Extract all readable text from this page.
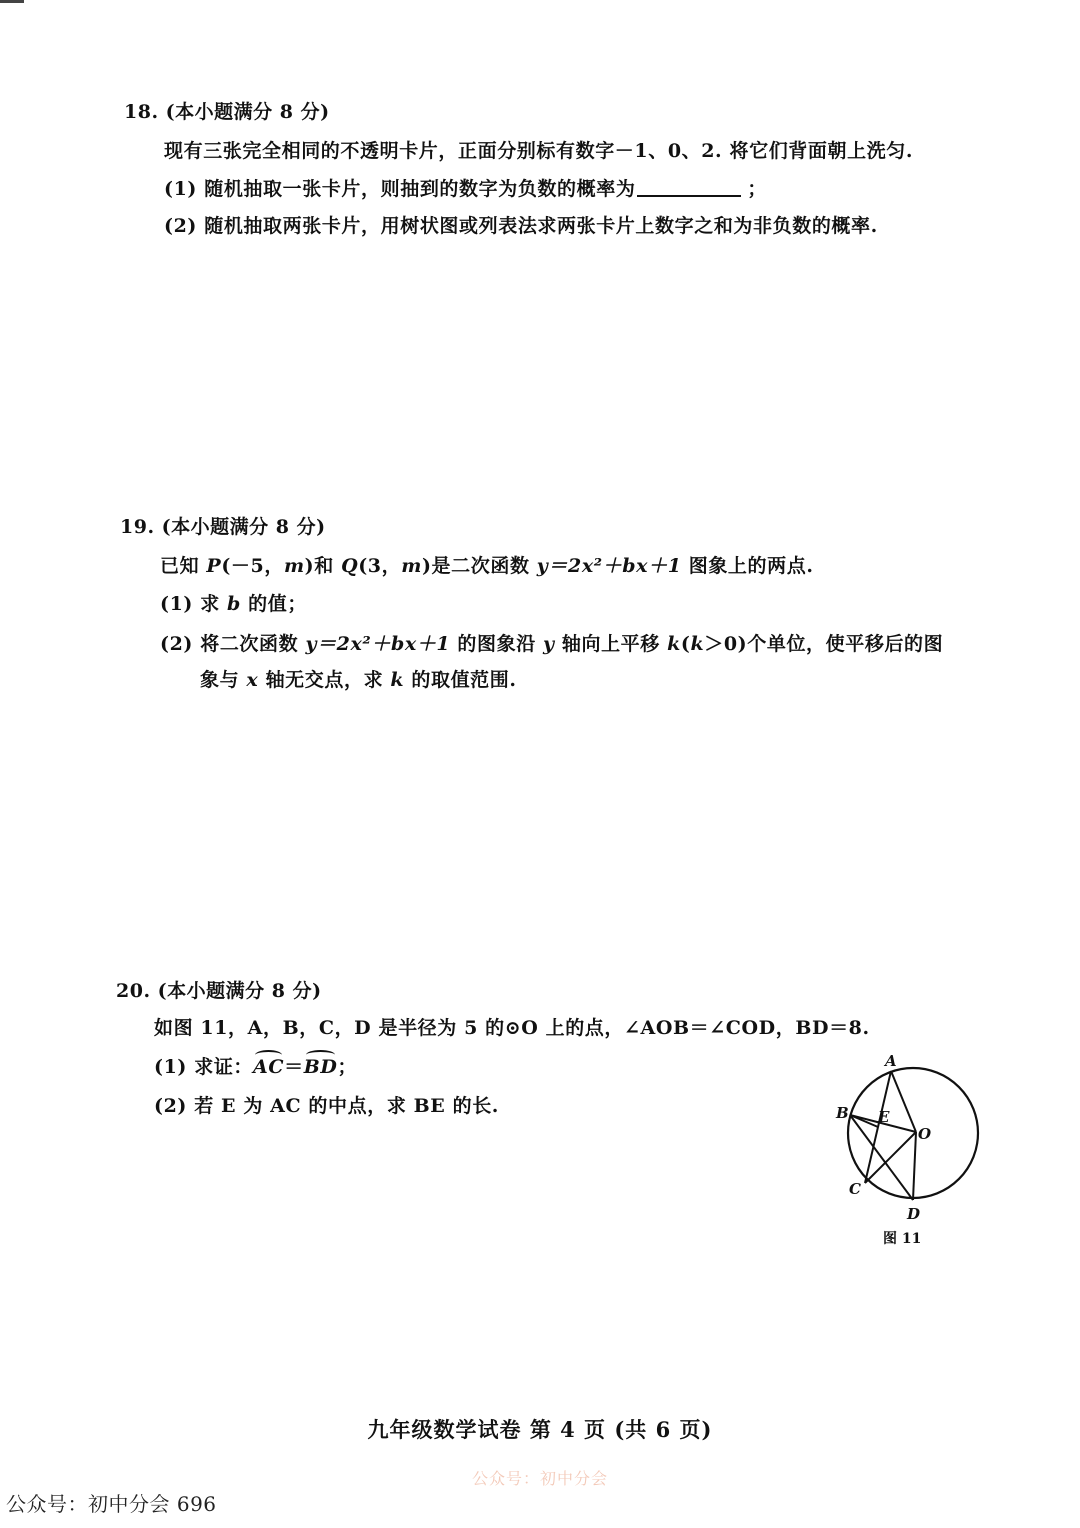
18. (本小题满分 8 分)
现有三张完全相同的不透明卡片，正面分别标有数字－1、0、2. 将它们背面朝上洗匀.
(1) 随机抽取一张卡片，则抽到的数字为负数的概率为	；
(2) 随机抽取两张卡片，用树状图或列表法求两张卡片上数字之和为非负数的概率.
19. (本小题满分 8 分)
已知 P(－5，m)和 Q(3，m)是二次函数 y＝2x²＋bx＋1 图象上的两点.
(1) 求 b 的值；
(2) 将二次函数 y＝2x²＋bx＋1 的图象沿 y 轴向上平移 k(k＞0)个单位，使平移后的图
象与 x 轴无交点，求 k 的取值范围.
20. (本小题满分 8 分)
如图 11，A，B，C，D 是半径为 5 的⊙O 上的点，∠AOB＝∠COD，BD＝8.
(1) 求证：AC＝BD；
(2) 若 E 为 AC 的中点，求 BE 的长.
A
B E
O
C
D
图 11
九年级数学试卷 第 4 页 (共 6 页)
公众号：初中分会
公众号：初中分会 696
